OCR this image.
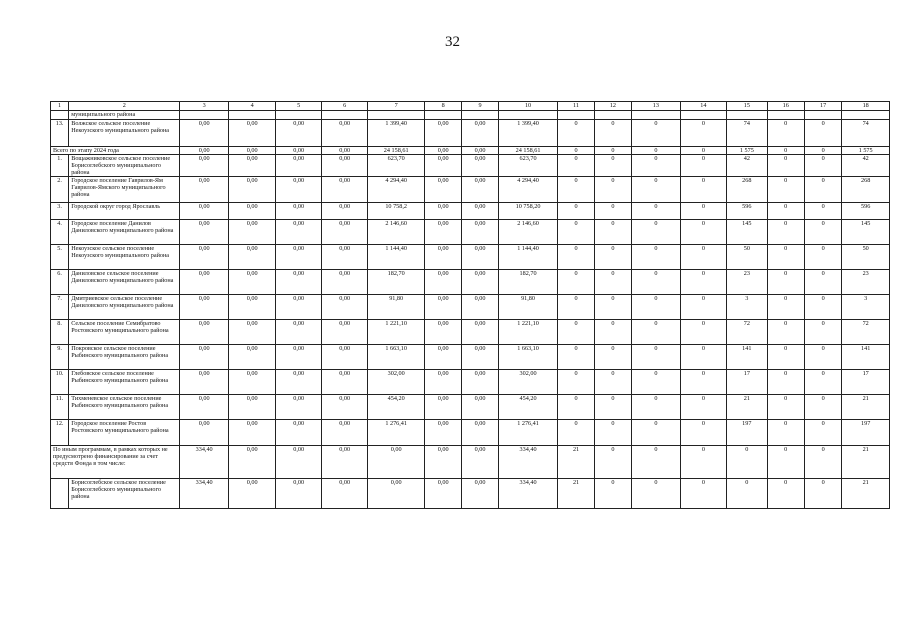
32
1	2	3	4	5	6	7	8	9	10	11	12	13	14	15	16	17	18
	муниципального района																
13.	Волжское сельское поселение Некоузского муниципального района	0,00	0,00	0,00	0,00	1 399,40	0,00	0,00	1 399,40	0	0	0	0	74	0	0	74
Всего по этапу 2024 года		0,00	0,00	0,00	0,00	24 158,61	0,00	0,00	24 158,61	0	0	0	0	1 575	0	0	1 575
1.	Вощажниковское сельское поселение Борисоглебского муниципального района	0,00	0,00	0,00	0,00	623,70	0,00	0,00	623,70	0	0	0	0	42	0	0	42
2.	Городское поселение Гаврилов-Ям Гаврилов-Ямского муниципального района	0,00	0,00	0,00	0,00	4 294,40	0,00	0,00	4 294,40	0	0	0	0	268	0	0	268
3.	Городской округ город Ярославль	0,00	0,00	0,00	0,00	10 758,2	0,00	0,00	10 758,20	0	0	0	0	596	0	0	596
4.	Городское поселение Данилов Даниловского муниципального района	0,00	0,00	0,00	0,00	2 146,60	0,00	0,00	2 146,60	0	0	0	0	145	0	0	145
5.	Некоузское сельское поселение Некоузского муниципального района	0,00	0,00	0,00	0,00	1 144,40	0,00	0,00	1 144,40	0	0	0	0	50	0	0	50
6.	Даниловское сельское поселение Даниловского муниципального района	0,00	0,00	0,00	0,00	182,70	0,00	0,00	182,70	0	0	0	0	23	0	0	23
7.	Дмитриевское сельское поселение Даниловского муниципального района	0,00	0,00	0,00	0,00	91,80	0,00	0,00	91,80	0	0	0	0	3	0	0	3
8.	Сельское поселение Семибратово Ростовского муниципального района	0,00	0,00	0,00	0,00	1 221,10	0,00	0,00	1 221,10	0	0	0	0	72	0	0	72
9.	Покровское сельское поселение Рыбинского муниципального района	0,00	0,00	0,00	0,00	1 663,10	0,00	0,00	1 663,10	0	0	0	0	141	0	0	141
10.	Глебовское сельское поселение Рыбинского муниципального района	0,00	0,00	0,00	0,00	302,00	0,00	0,00	302,00	0	0	0	0	17	0	0	17
11.	Тихменевское сельское поселение Рыбинского муниципального района	0,00	0,00	0,00	0,00	454,20	0,00	0,00	454,20	0	0	0	0	21	0	0	21
12.	Городское поселение Ростов Ростовского муниципального района	0,00	0,00	0,00	0,00	1 276,41	0,00	0,00	1 276,41	0	0	0	0	197	0	0	197
По иным программам, в рамках которых не предусмотрено финансирование за счет средств Фонда в том числе:		334,40	0,00	0,00	0,00	0,00	0,00	0,00	334,40	21	0	0	0	0	0	0	21
	Борисоглебское сельское поселение Борисоглебского муниципального района	334,40	0,00	0,00	0,00	0,00	0,00	0,00	334,40	21	0	0	0	0	0	0	21
